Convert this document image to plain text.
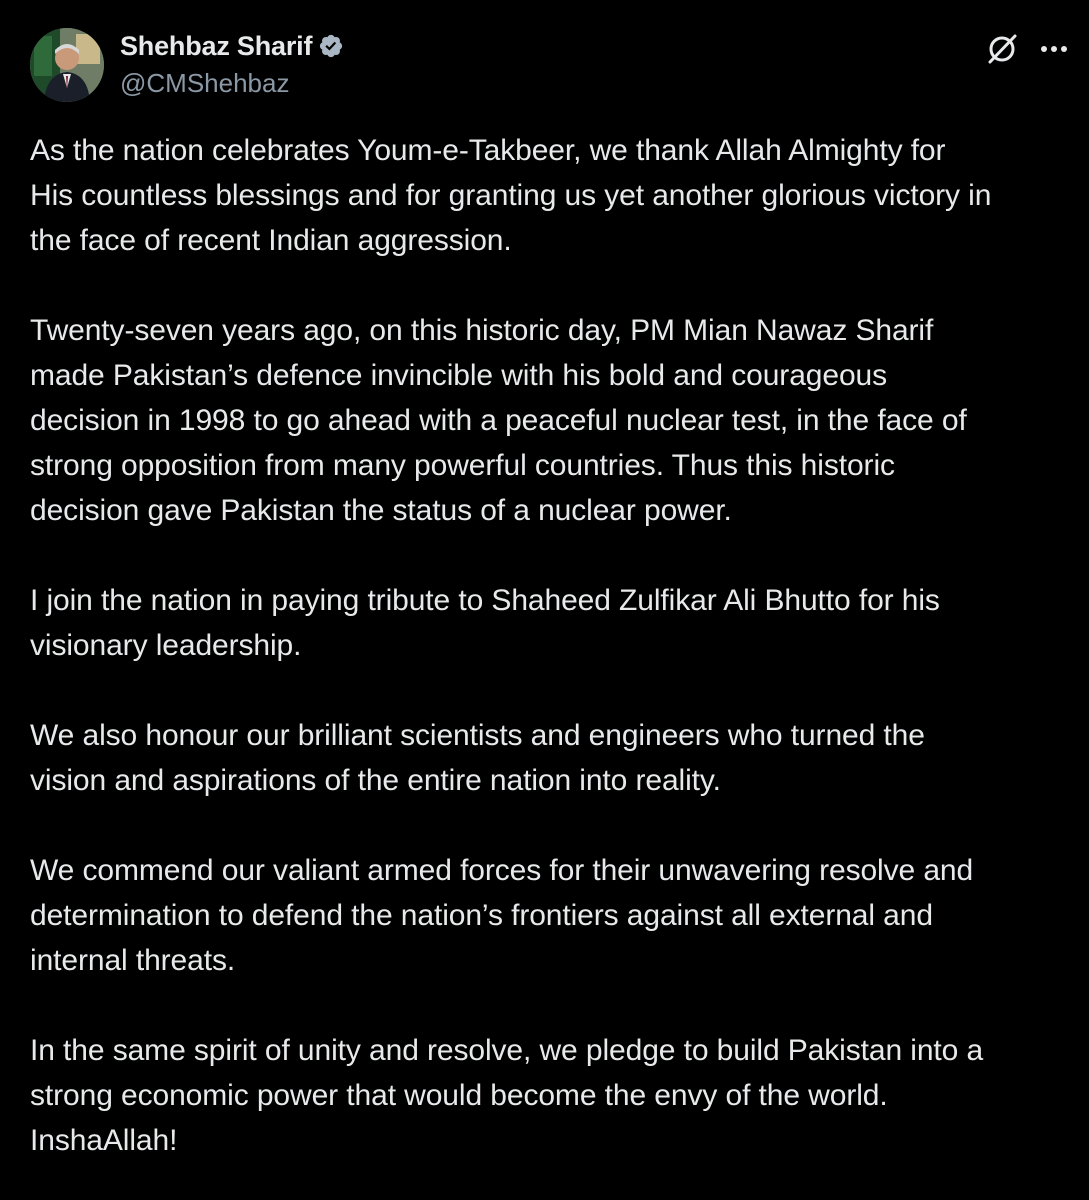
Shehbaz Sharif
@CMShehbaz

As the nation celebrates Youm-e-Takbeer, we thank Allah Almighty for
His countless blessings and for granting us yet another glorious victory in
the face of recent Indian aggression.

Twenty-seven years ago, on this historic day, PM Mian Nawaz Sharif
made Pakistan’s defence invincible with his bold and courageous
decision in 1998 to go ahead with a peaceful nuclear test, in the face of
strong opposition from many powerful countries. Thus this historic
decision gave Pakistan the status of a nuclear power.

I join the nation in paying tribute to Shaheed Zulfikar Ali Bhutto for his
visionary leadership.

We also honour our brilliant scientists and engineers who turned the
vision and aspirations of the entire nation into reality.

We commend our valiant armed forces for their unwavering resolve and
determination to defend the nation’s frontiers against all external and
internal threats.

In the same spirit of unity and resolve, we pledge to build Pakistan into a
strong economic power that would become the envy of the world.
InshaAllah!
